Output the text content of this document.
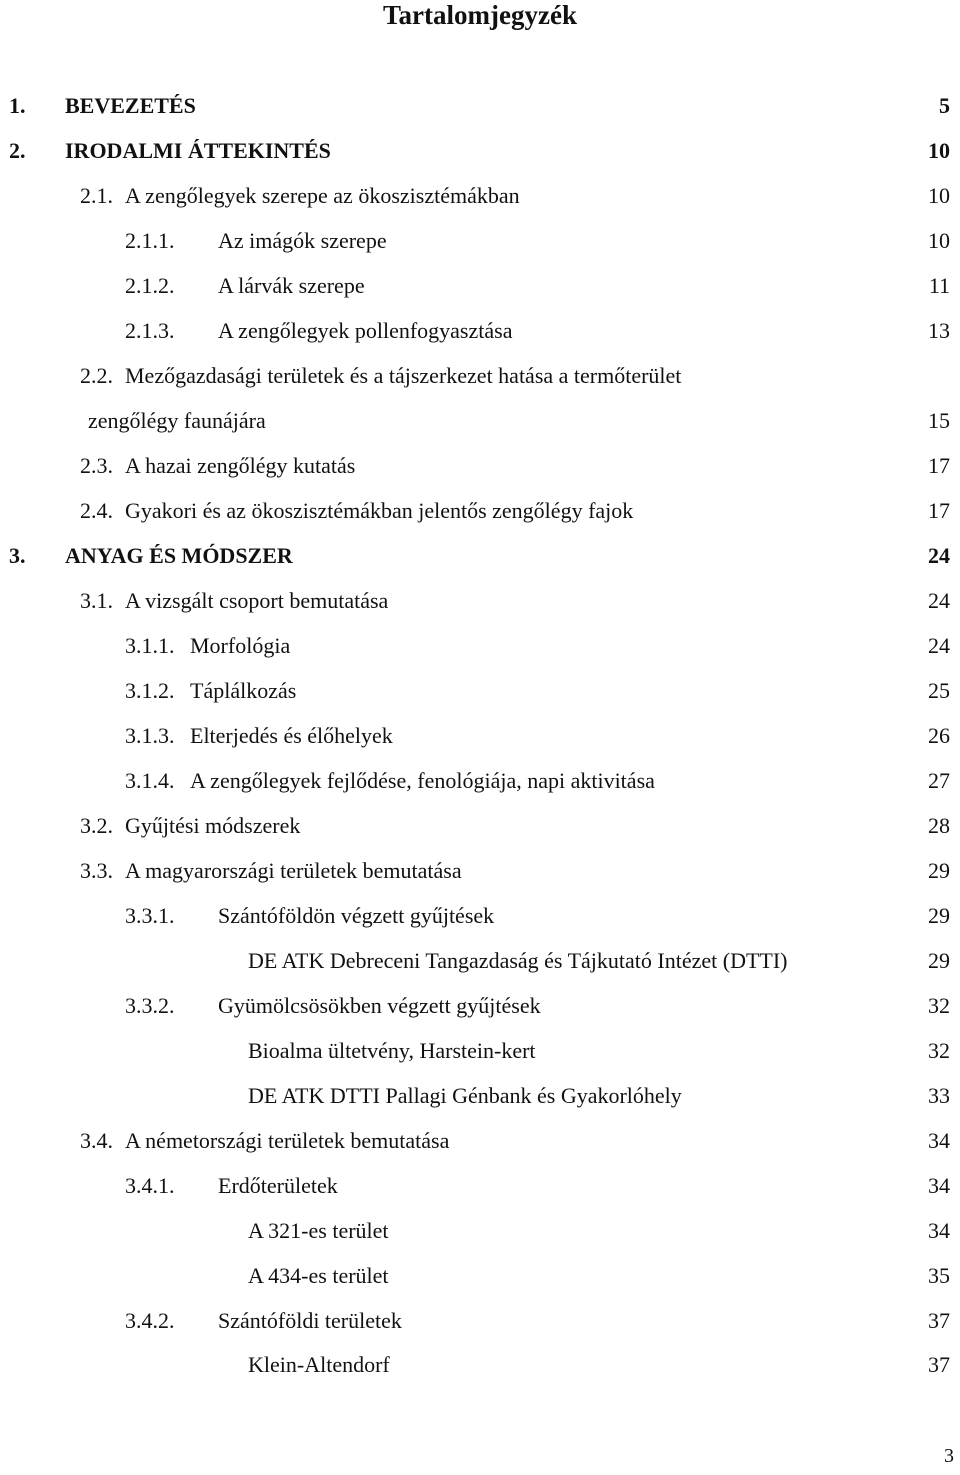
Tartalomjegyzék
1. BEVEZETÉS	5
2. IRODALMI ÁTTEKINTÉS	10
2.1. A zengőlegyek szerepe az ökoszisztémákban	10
2.1.1. Az imágók szerepe	10
2.1.2. A lárvák szerepe	11
2.1.3. A zengőlegyek pollenfogyasztása	13
2.2. Mezőgazdasági területek és a tájszerkezet hatása a termőterület
zengőlégy faunájára	15
2.3. A hazai zengőlégy kutatás	17
2.4. Gyakori és az ökoszisztémákban jelentős zengőlégy fajok	17
3. ANYAG ÉS MÓDSZER	24
3.1. A vizsgált csoport bemutatása	24
3.1.1. Morfológia	24
3.1.2. Táplálkozás	25
3.1.3. Elterjedés és élőhelyek	26
3.1.4. A zengőlegyek fejlődése, fenológiája, napi aktivitása	27
3.2. Gyűjtési módszerek	28
3.3. A magyarországi területek bemutatása	29
3.3.1. Szántóföldön végzett gyűjtések	29
DE ATK Debreceni Tangazdaság és Tájkutató Intézet (DTTI)	29
3.3.2. Gyümölcsösökben végzett gyűjtések	32
Bioalma ültetvény, Harstein-kert	32
DE ATK DTTI Pallagi Génbank és Gyakorlóhely	33
3.4. A németországi területek bemutatása	34
3.4.1. Erdőterületek	34
A 321-es terület	34
A 434-es terület	35
3.4.2. Szántóföldi területek	37
Klein-Altendorf	37
3
